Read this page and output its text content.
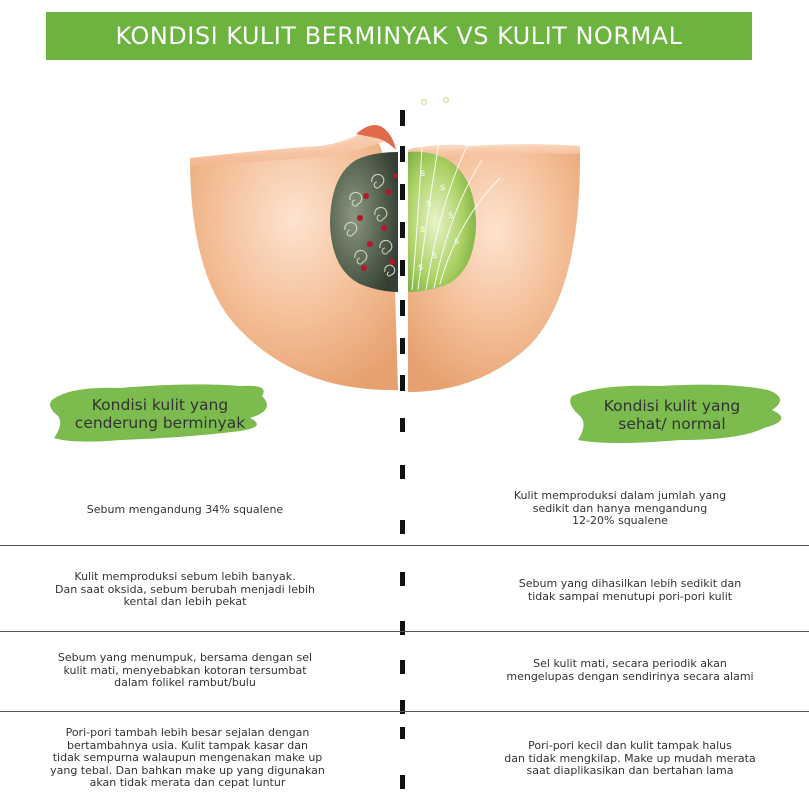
KONDISI KULIT BERMINYAK VS KULIT NORMAL
s
s
s
s
s
s
s
s
Kondisi kulit yang
cenderung berminyak
Kondisi kulit yang
sehat/ normal
Sebum mengandung 34% squalene
Kulit memproduksi dalam jumlah yang
sedikit dan hanya mengandung
12-20% squalene
Kulit memproduksi sebum lebih banyak.
Dan saat oksida, sebum berubah menjadi lebih
kental dan lebih pekat
Sebum yang dihasilkan lebih sedikit dan
tidak sampai menutupi pori-pori kulit
Sebum yang menumpuk, bersama dengan sel
kulit mati, menyebabkan kotoran tersumbat
dalam folikel rambut/bulu
Sel kulit mati, secara periodik akan
mengelupas dengan sendirinya secara alami
Pori-pori tambah lebih besar sejalan dengan
bertambahnya usia. Kulit tampak kasar dan
tidak sempurna walaupun mengenakan make up
yang tebal. Dan bahkan make up yang digunakan
akan tidak merata dan cepat luntur
Pori-pori kecil dan kulit tampak halus
dan tidak mengkilap. Make up mudah merata
saat diaplikasikan dan bertahan lama
